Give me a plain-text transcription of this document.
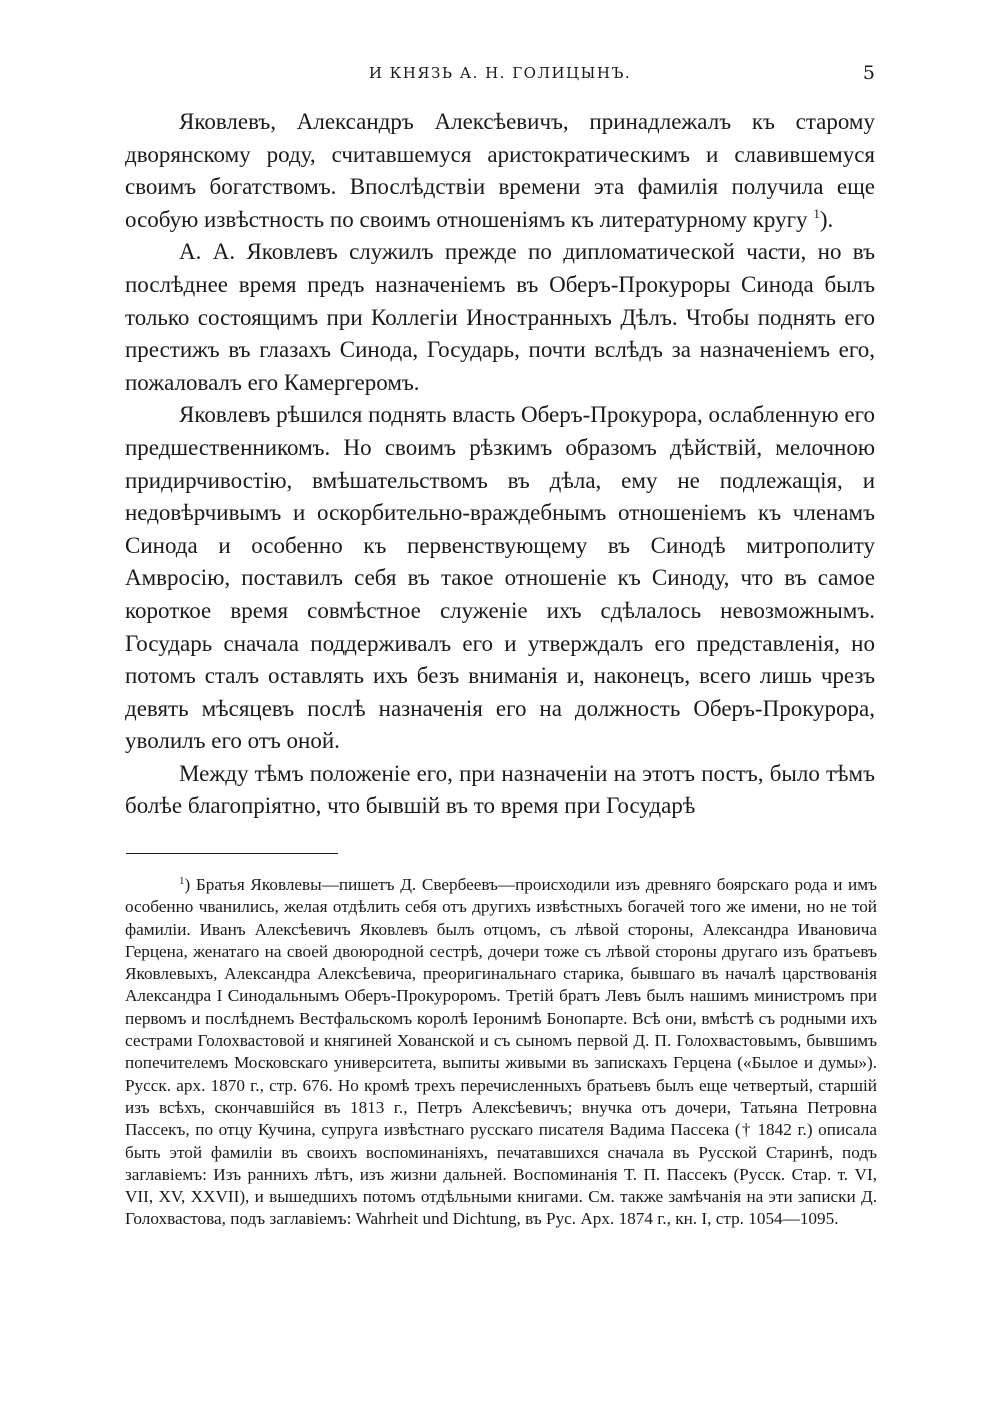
И КНЯЗЬ А. Н. ГОЛИЦЫНЪ.	5

Яковлевъ, Александръ Алексѣевичъ, принадлежалъ къ старому дворянскому роду, считавшемуся аристократическимъ и славившемуся своимъ богатствомъ. Впослѣдствіи времени эта фамилія получила еще особую извѣстность по своимъ отношеніямъ къ литературному кругу $^1$).

А. А. Яковлевъ служилъ прежде по дипломатической части, но въ послѣднее время предъ назначеніемъ въ Оберъ-Прокуроры Синода былъ только состоящимъ при Коллегіи Иностранныхъ Дѣлъ. Чтобы поднять его престижъ въ глазахъ Синода, Государь, почти вслѣдъ за назначеніемъ его, пожаловалъ его Камергеромъ.

Яковлевъ рѣшился поднять власть Оберъ-Прокурора, ослабленную его предшественникомъ. Но своимъ рѣзкимъ образомъ дѣйствій, мелочною придирчивостію, вмѣшательствомъ въ дѣла, ему не подлежащія, и недовѣрчивымъ и оскорбительно-враждебнымъ отношеніемъ къ членамъ Синода и особенно къ первенствующему въ Синодѣ митрополиту Амвросію, поставилъ себя въ такое отношеніе къ Синоду, что въ самое короткое время совмѣстное служеніе ихъ сдѣлалось невозможнымъ. Государь сначала поддерживалъ его и утверждалъ его представленія, но потомъ сталъ оставлять ихъ безъ вниманія и, наконецъ, всего лишь чрезъ девять мѣсяцевъ послѣ назначенія его на должность Оберъ-Прокурора, уволилъ его отъ оной.

Между тѣмъ положеніе его, при назначеніи на этотъ постъ, было тѣмъ болѣе благопріятно, что бывшій въ то время при Государѣ

$^1$) Братья Яковлевы—пишетъ Д. Свербеевъ—происходили изъ древняго боярскаго рода и имъ особенно чванились, желая отдѣлить себя отъ другихъ извѣстныхъ богачей того же имени, но не той фамиліи. Иванъ Алексѣевичъ Яковлевъ былъ отцомъ, съ лѣвой стороны, Александра Ивановича Герцена, женатаго на своей двоюродной сестрѣ, дочери тоже съ лѣвой стороны другаго изъ братьевъ Яковлевыхъ, Александра Алексѣевича, преоригинальнаго старика, бывшаго въ началѣ царствованія Александра I Синодальнымъ Оберъ-Прокуроромъ. Третій братъ Левъ былъ нашимъ министромъ при первомъ и послѣднемъ Вестфальскомъ королѣ Іеронимѣ Бонопарте. Всѣ они, вмѣстѣ съ родными ихъ сестрами Голохвастовой и княгиней Хованской и съ сыномъ первой Д. П. Голохвастовымъ, бывшимъ попечителемъ Московскаго университета, выпиты живыми въ запискахъ Герцена («Былое и думы»). Русск. арх. 1870 г., стр. 676. Но кромѣ трехъ перечисленныхъ братьевъ былъ еще четвертый, старшій изъ всѣхъ, скончавшійся въ 1813 г., Петръ Алексѣевичъ; внучка отъ дочери, Татьяна Петровна Пассекъ, по отцу Кучина, супруга извѣстнаго русскаго писателя Вадима Пассека († 1842 г.) описала быть этой фамиліи въ своихъ воспоминаніяхъ, печатавшихся сначала въ Русской Старинѣ, подъ заглавіемъ: Изъ раннихъ лѣтъ, изъ жизни дальней. Воспоминанія Т. П. Пассекъ (Русск. Стар. т. VI, VII, XV, XXVII), и вышедшихъ потомъ отдѣльными книгами. См. также замѣчанія на эти записки Д. Голохвастова, подъ заглавіемъ: Wahrheit und Dichtung, въ Рус. Арх. 1874 г., кн. I, стр. 1054—1095.
